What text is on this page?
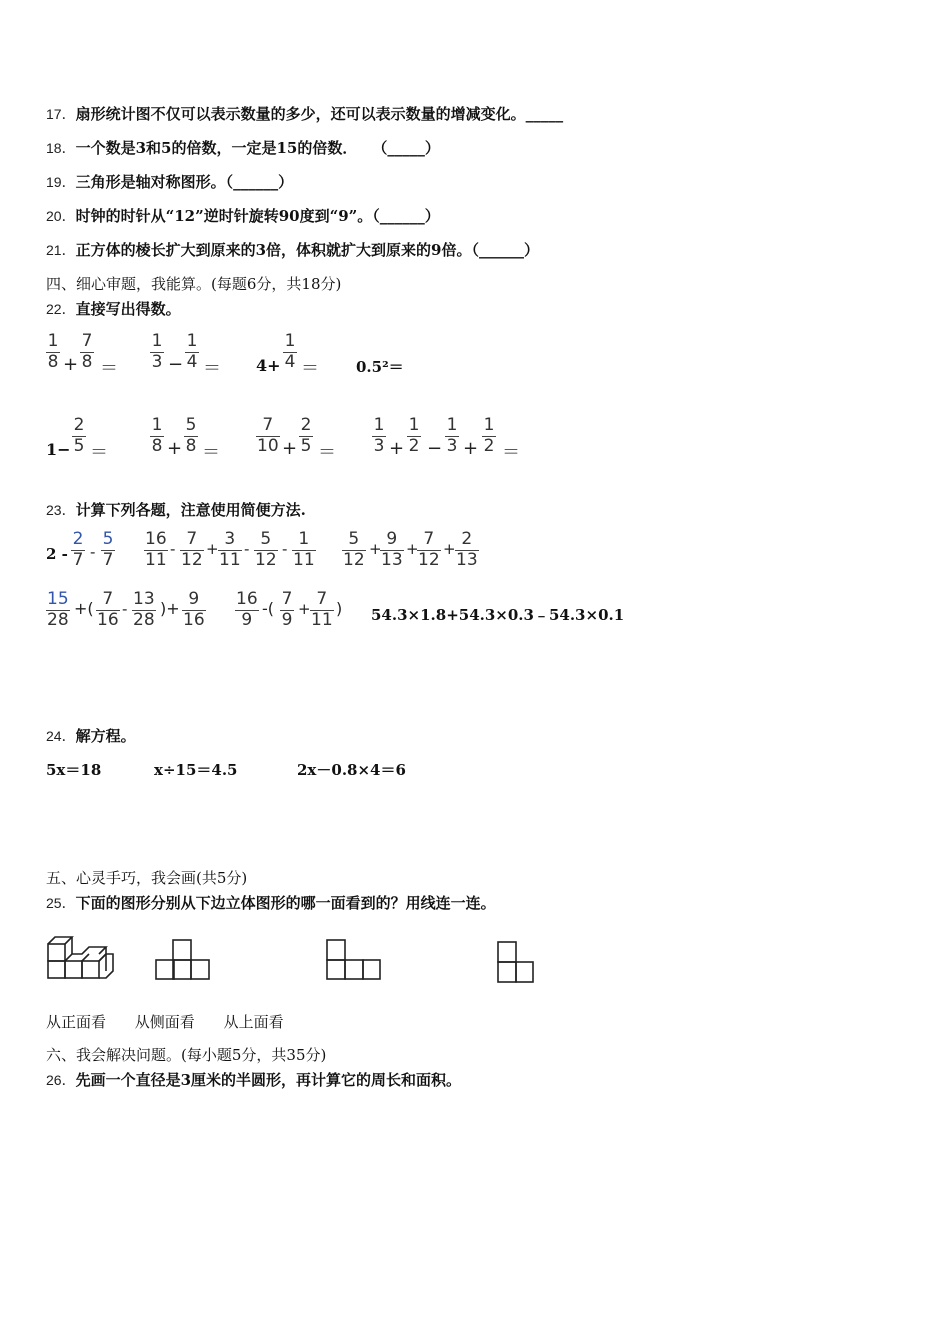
17．扇形统计图不仅可以表示数量的多少，还可以表示数量的增减变化。_____
18．一个数是3和5的倍数，一定是15的倍数．　　（_____）
19．三角形是轴对称图形。（______）
20．时钟的时针从“12”逆时针旋转90度到“9”。（______）
21．正方体的棱长扩大到原来的3倍，体积就扩大到原来的9倍。（______）
四、细心审题，我能算。(每题6分，共18分)
22．直接写出得数。
1
8 +
7
8 ＝
1
3 −
1
4 ＝ 4+
1
4 ＝ 0.5²＝
1−
2
5 ＝
1
8 +
5
8 ＝
7
10 +
2
5 ＝
1
3 +
1
2 −
1
3 +
1
2 ＝
23．计算下列各题，注意使用简便方法.
2 -
2
7 -
5
7
16
11
- 7
12
+ 3
11
- 5
12
- 1
11
5
12
+ 9
13
+ 7
12
+ 2
13
15
28
+( 7
16
- 13
28
)+ 9
16
16
9
-( 7
9
+ 7
11
) 54.3×1.8+54.3×0.3﹣54.3×0.1
24．解方程。
5x＝18	x÷15＝4.5	2x－0.8×4＝6
五、心灵手巧，我会画(共5分)
25．下面的图形分别从下边立体图形的哪一面看到的？用线连一连。
从正面看 从侧面看 从上面看
六、我会解决问题。(每小题5分，共35分)
26．先画一个直径是3厘米的半圆形，再计算它的周长和面积。
